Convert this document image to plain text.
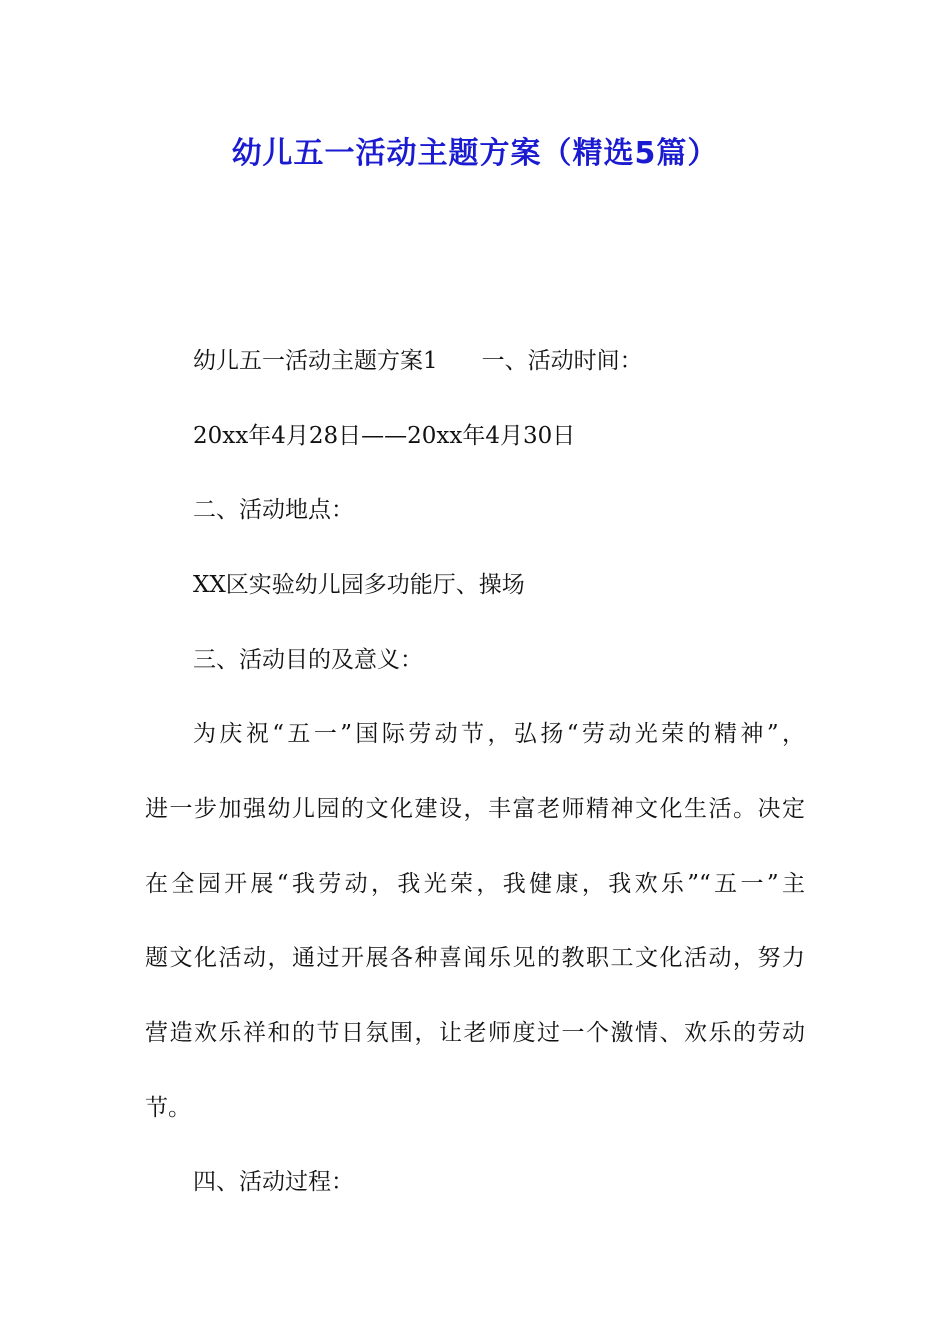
幼儿五一活动主题方案（精选5篇）

幼儿五一活动主题方案1 一、活动时间：

20xx年4月28日——20xx年4月30日

二、活动地点：

XX区实验幼儿园多功能厅、操场

三、活动目的及意义：

为庆祝“五一”国际劳动节，弘扬“劳动光荣的精神”，

进一步加强幼儿园的文化建设，丰富老师精神文化生活。决定

在全园开展“我劳动，我光荣，我健康，我欢乐”“五一”主

题文化活动，通过开展各种喜闻乐见的教职工文化活动，努力

营造欢乐祥和的节日氛围，让老师度过一个激情、欢乐的劳动

节。

四、活动过程：
